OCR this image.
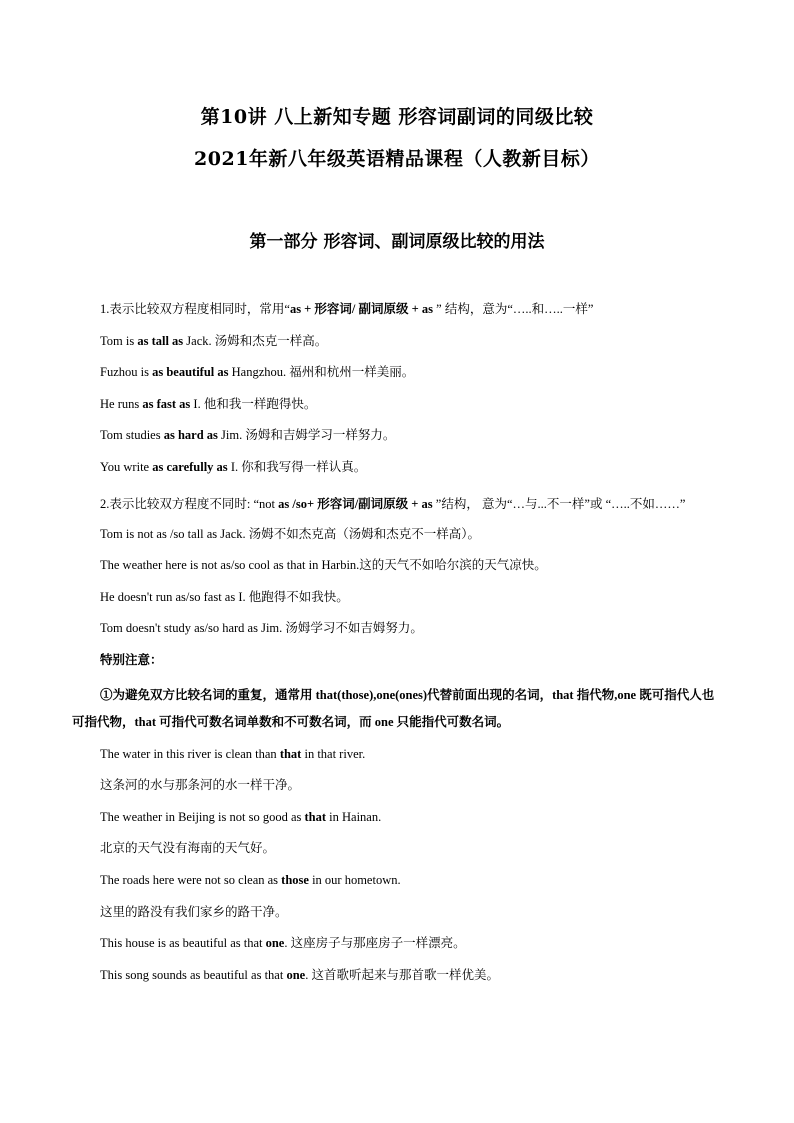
第10讲 八上新知专题 形容词副词的同级比较
2021年新八年级英语精品课程（人教新目标）
第一部分 形容词、副词原级比较的用法

1.表示比较双方程度相同时，常用“as + 形容词/ 副词原级 + as ” 结构，意为“…..和…..一样”

Tom is as tall as Jack. 汤姆和杰克一样高。

Fuzhou is as beautiful as Hangzhou. 福州和杭州一样美丽。

He runs as fast as I. 他和我一样跑得快。

Tom studies as hard as Jim. 汤姆和吉姆学习一样努力。

You write as carefully as I. 你和我写得一样认真。

2.表示比较双方程度不同时: “not as /so+ 形容词/副词原级 + as ”结构， 意为“…与...不一样”或 “…..不如……”

Tom is not as /so tall as Jack. 汤姆不如杰克高（汤姆和杰克不一样高）。

The weather here is not as/so cool as that in Harbin.这的天气不如哈尔滨的天气凉快。

He doesn't run as/so fast as I. 他跑得不如我快。

Tom doesn't study as/so hard as Jim. 汤姆学习不如吉姆努力。

特别注意：

①为避免双方比较名词的重复，通常用 that(those),one(ones)代替前面出现的名词，that 指代物,one 既可指代人也可指代物，that 可指代可数名词单数和不可数名词，而 one 只能指代可数名词。

The water in this river is clean than that in that river.

这条河的水与那条河的水一样干净。

The weather in Beijing is not so good as that in Hainan.

北京的天气没有海南的天气好。

The roads here were not so clean as those in our hometown.

这里的路没有我们家乡的路干净。

This house is as beautiful as that one. 这座房子与那座房子一样漂亮。

This song sounds as beautiful as that one. 这首歌听起来与那首歌一样优美。
